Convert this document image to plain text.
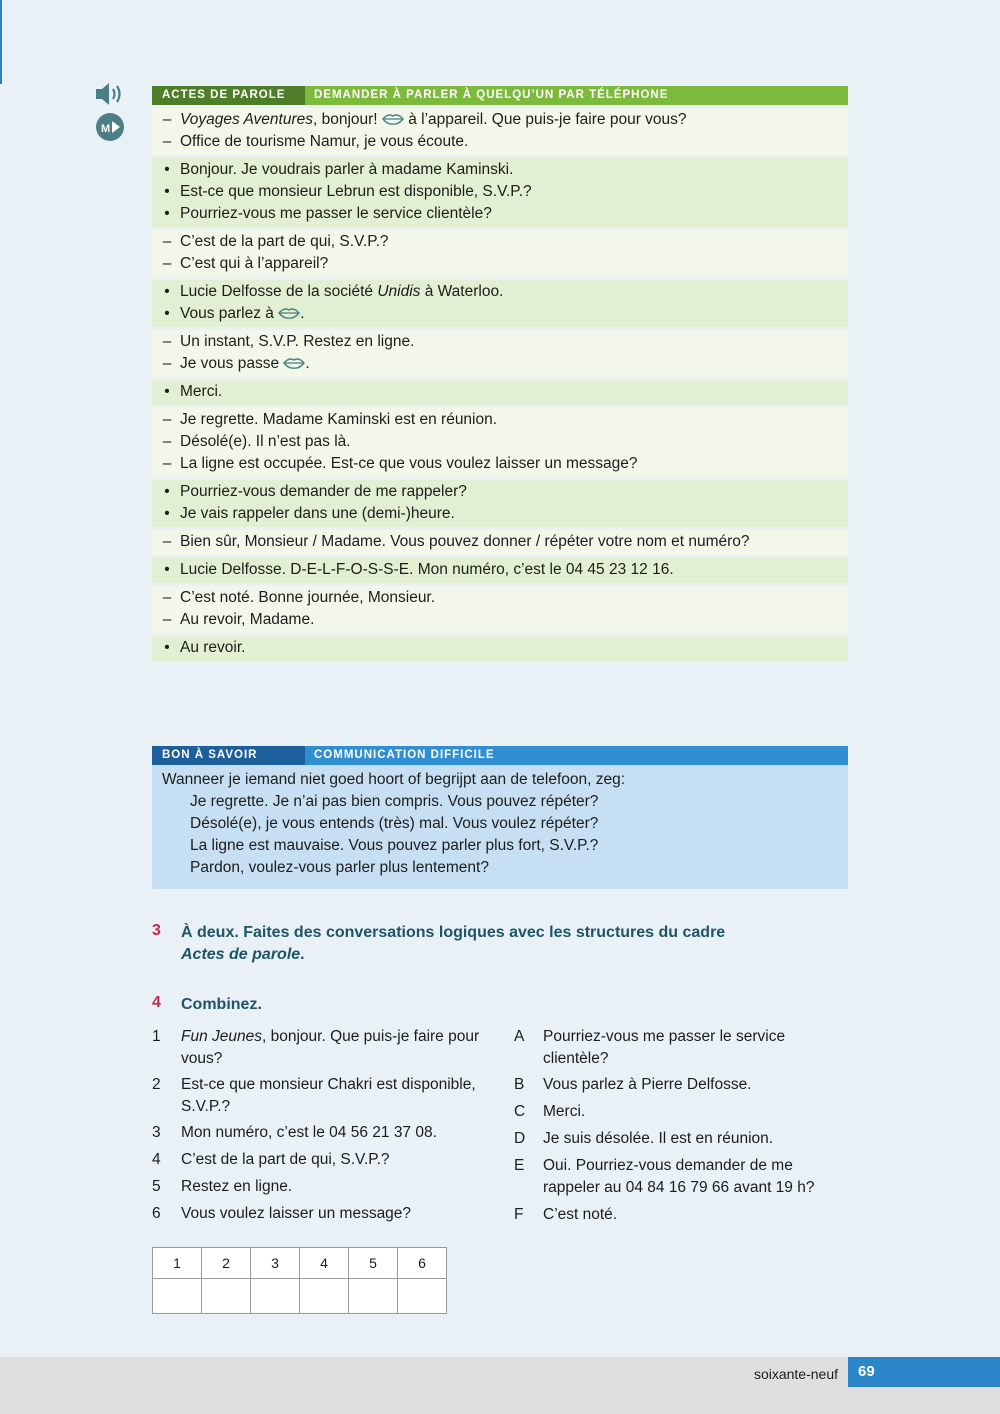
M
ACTES DE PAROLE	DEMANDER À PARLER À QUELQU’UN PAR TÉLÉPHONE
– Voyages Aventures, bonjour!  à l’appareil. Que puis-je faire pour vous?
– Office de tourisme Namur, je vous écoute.
• Bonjour. Je voudrais parler à madame Kaminski.
• Est-ce que monsieur Lebrun est disponible, S.V.P.?
• Pourriez-vous me passer le service clientèle?
– C’est de la part de qui, S.V.P.?
– C’est qui à l’appareil?
• Lucie Delfosse de la société Unidis à Waterloo.
• Vous parlez à .
– Un instant, S.V.P. Restez en ligne.
– Je vous passe .
• Merci.
– Je regrette. Madame Kaminski est en réunion.
– Désolé(e). Il n’est pas là.
– La ligne est occupée. Est-ce que vous voulez laisser un message?
• Pourriez-vous demander de me rappeler?
• Je vais rappeler dans une (demi-)heure.
– Bien sûr, Monsieur / Madame. Vous pouvez donner / répéter votre nom et numéro?
• Lucie Delfosse. D-E-L-F-O-S-S-E. Mon numéro, c’est le 04 45 23 12 16.
– C’est noté. Bonne journée, Monsieur.
– Au revoir, Madame.
• Au revoir.
BON À SAVOIR	COMMUNICATION DIFFICILE
Wanneer je iemand niet goed hoort of begrijpt aan de telefoon, zeg:
Je regrette. Je n’ai pas bien compris. Vous pouvez répéter?
Désolé(e), je vous entends (très) mal. Vous voulez répéter?
La ligne est mauvaise. Vous pouvez parler plus fort, S.V.P.?
Pardon, voulez-vous parler plus lentement?
3 À deux. Faites des conversations logiques avec les structures du cadre
Actes de parole.
4 Combinez.
1 Fun Jeunes, bonjour. Que puis-je faire pour vous?
2 Est-ce que monsieur Chakri est disponible, S.V.P.?
3 Mon numéro, c’est le 04 56 21 37 08.
4 C’est de la part de qui, S.V.P.?
5 Restez en ligne.
6 Vous voulez laisser un message?
A Pourriez-vous me passer le service clientèle?
B Vous parlez à Pierre Delfosse.
C Merci.
D Je suis désolée. Il est en réunion.
E Oui. Pourriez-vous demander de me rappeler au 04 84 16 79 66 avant 19 h?
F C’est noté.
1	2	3	4	5	6

soixante-neuf	69
